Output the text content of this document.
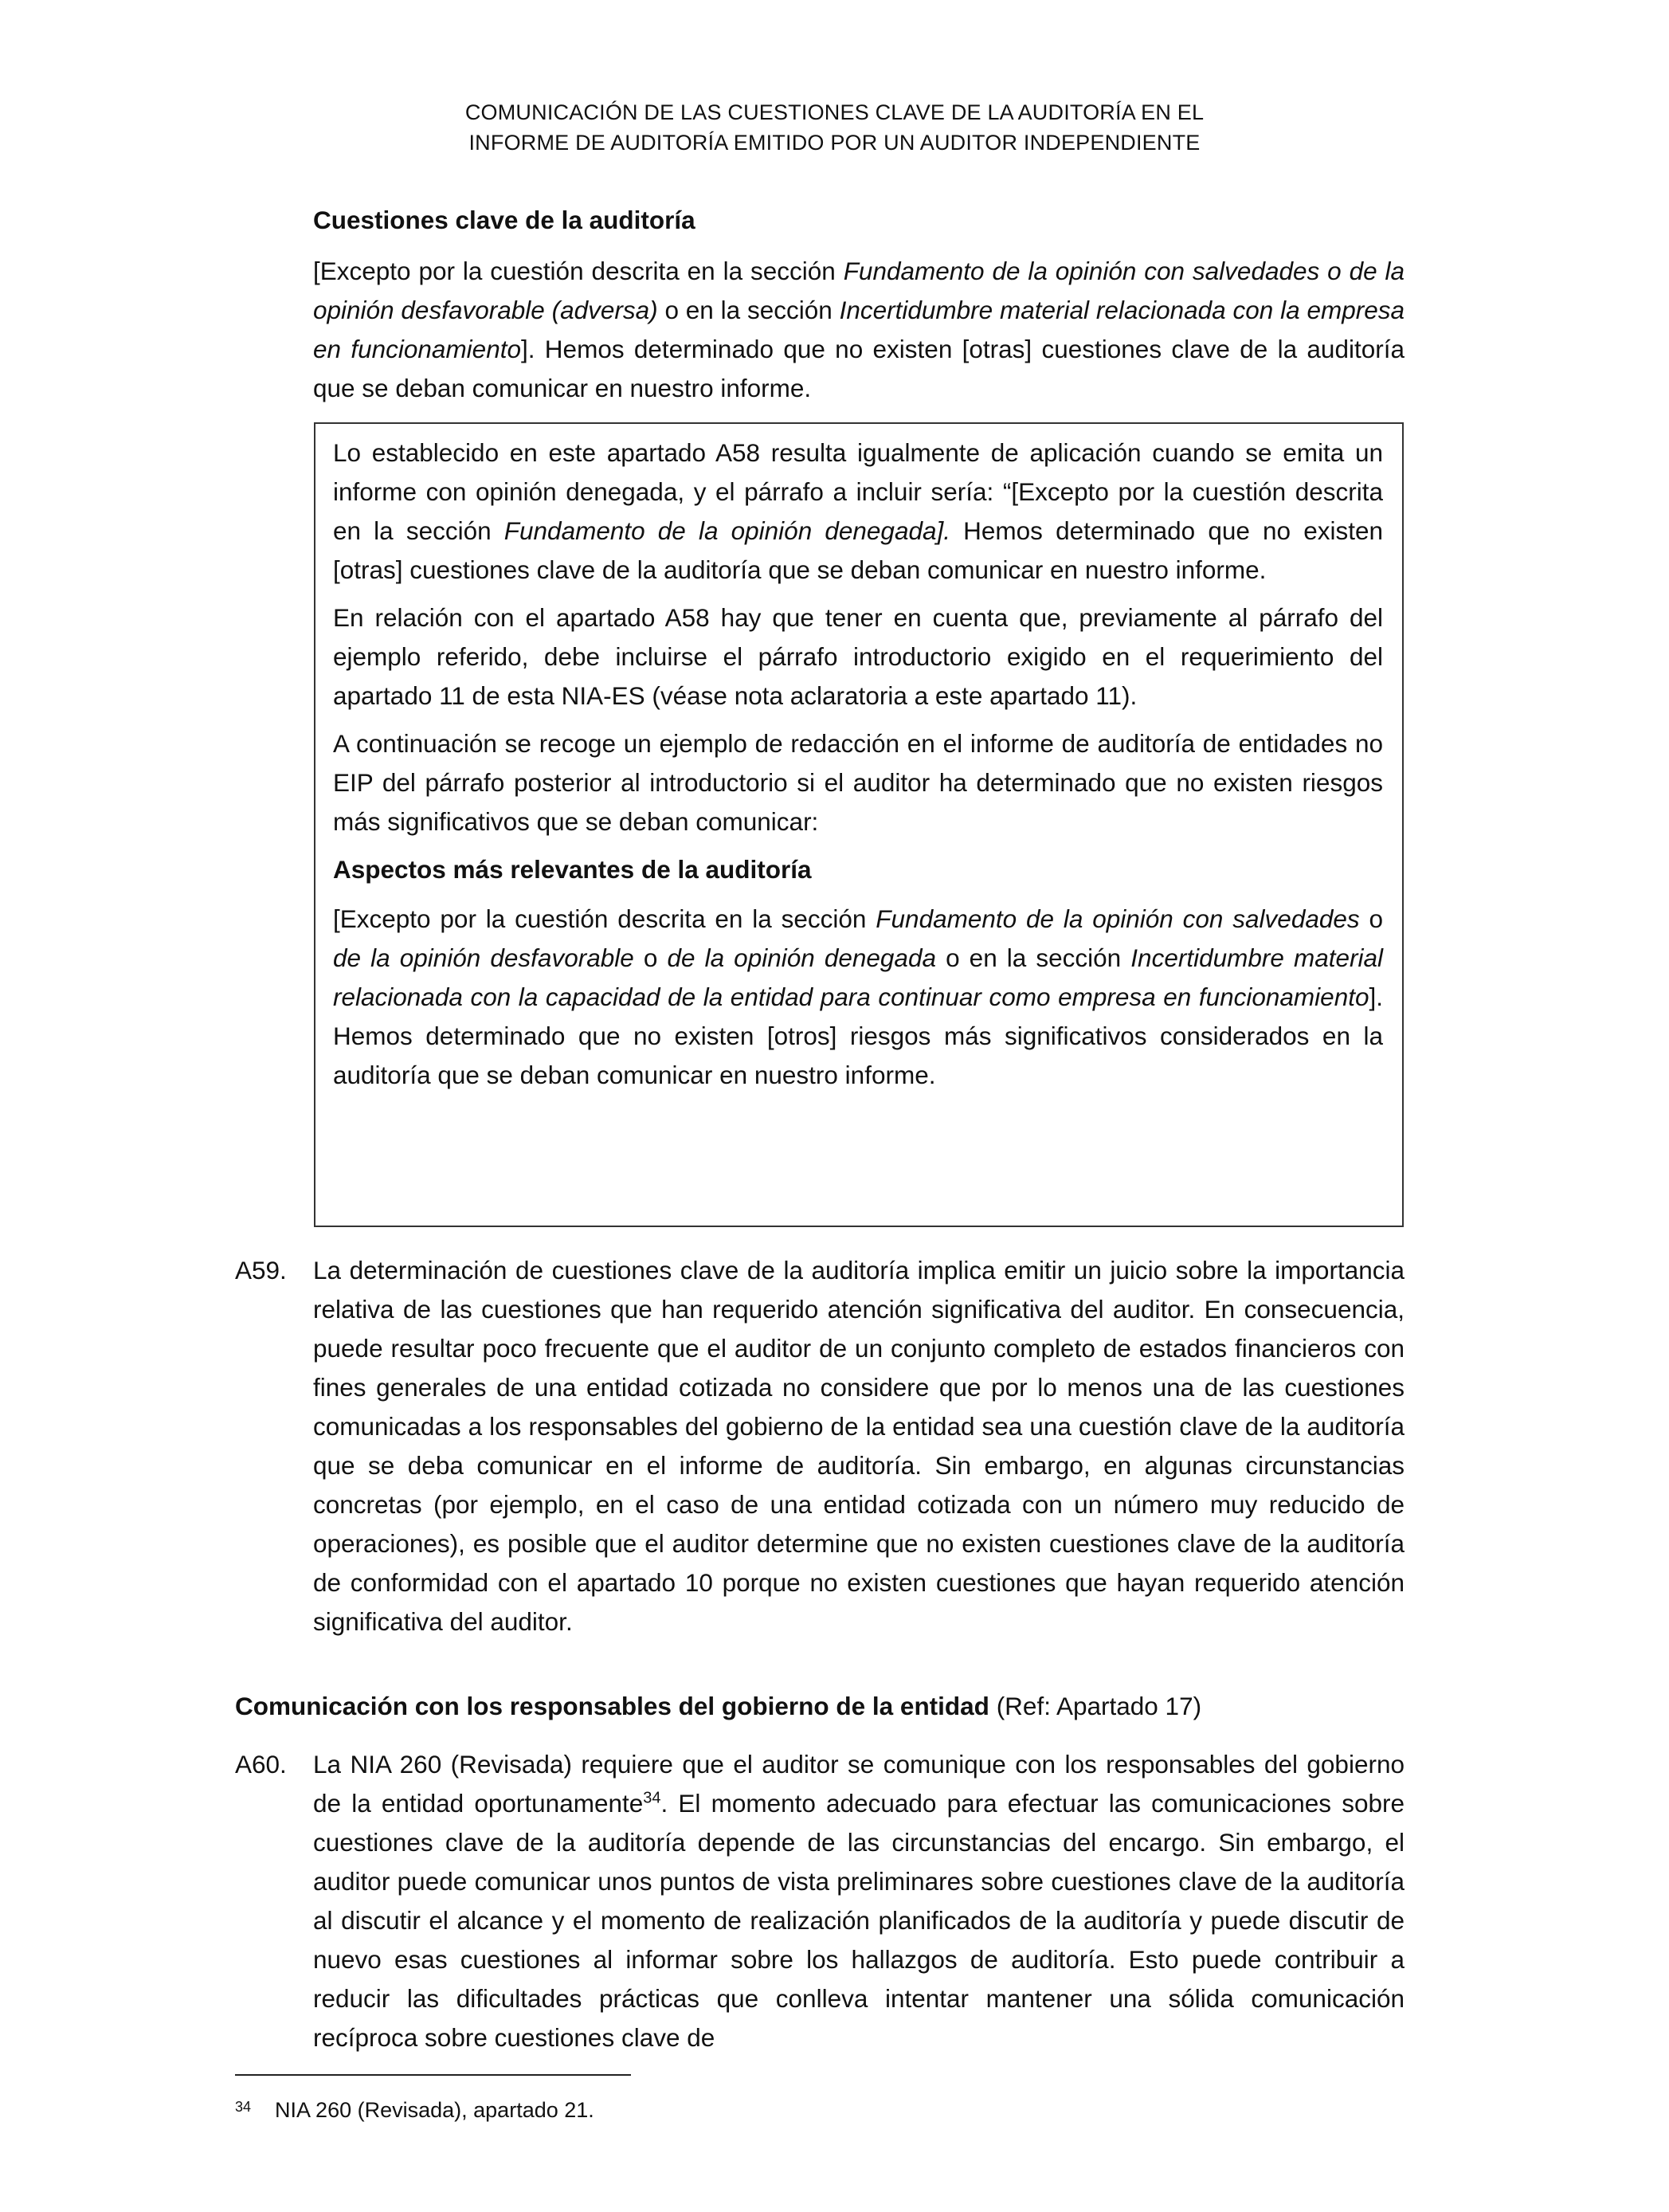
COMUNICACIÓN DE LAS CUESTIONES CLAVE DE LA AUDITORÍA EN EL
INFORME DE AUDITORÍA EMITIDO POR UN AUDITOR INDEPENDIENTE
Cuestiones clave de la auditoría
[Excepto por la cuestión descrita en la sección Fundamento de la opinión con salvedades o de la opinión desfavorable (adversa) o en la sección Incertidumbre material relacionada con la empresa en funcionamiento]. Hemos determinado que no existen [otras] cuestiones clave de la auditoría que se deban comunicar en nuestro informe.

Lo establecido en este apartado A58 resulta igualmente de aplicación cuando se emita un informe con opinión denegada, y el párrafo a incluir sería: “[Excepto por la cuestión descrita en la sección Fundamento de la opinión denegada]. Hemos determinado que no existen [otras] cuestiones clave de la auditoría que se deban comunicar en nuestro informe.

En relación con el apartado A58 hay que tener en cuenta que, previamente al párrafo del ejemplo referido, debe incluirse el párrafo introductorio exigido en el requerimiento del apartado 11 de esta NIA-ES (véase nota aclaratoria a este apartado 11).

A continuación se recoge un ejemplo de redacción en el informe de auditoría de entidades no EIP del párrafo posterior al introductorio si el auditor ha determinado que no existen riesgos más significativos que se deban comunicar:

Aspectos más relevantes de la auditoría

[Excepto por la cuestión descrita en la sección Fundamento de la opinión con salvedades o de la opinión desfavorable o de la opinión denegada o en la sección Incertidumbre material relacionada con la capacidad de la entidad para continuar como empresa en funcionamiento]. Hemos determinado que no existen [otros] riesgos más significativos considerados en la auditoría que se deban comunicar en nuestro informe.

A59. La determinación de cuestiones clave de la auditoría implica emitir un juicio sobre la importancia relativa de las cuestiones que han requerido atención significativa del auditor. En consecuencia, puede resultar poco frecuente que el auditor de un conjunto completo de estados financieros con fines generales de una entidad cotizada no considere que por lo menos una de las cuestiones comunicadas a los responsables del gobierno de la entidad sea una cuestión clave de la auditoría que se deba comunicar en el informe de auditoría. Sin embargo, en algunas circunstancias concretas (por ejemplo, en el caso de una entidad cotizada con un número muy reducido de operaciones), es posible que el auditor determine que no existen cuestiones clave de la auditoría de conformidad con el apartado 10 porque no existen cuestiones que hayan requerido atención significativa del auditor.
Comunicación con los responsables del gobierno de la entidad (Ref: Apartado 17)
A60. La NIA 260 (Revisada) requiere que el auditor se comunique con los responsables del gobierno de la entidad oportunamente$^{34}$. El momento adecuado para efectuar las comunicaciones sobre cuestiones clave de la auditoría depende de las circunstancias del encargo. Sin embargo, el auditor puede comunicar unos puntos de vista preliminares sobre cuestiones clave de la auditoría al discutir el alcance y el momento de realización planificados de la auditoría y puede discutir de nuevo esas cuestiones al informar sobre los hallazgos de auditoría. Esto puede contribuir a reducir las dificultades prácticas que conlleva intentar mantener una sólida comunicación recíproca sobre cuestiones clave de
$^{34}$ NIA 260 (Revisada), apartado 21.
